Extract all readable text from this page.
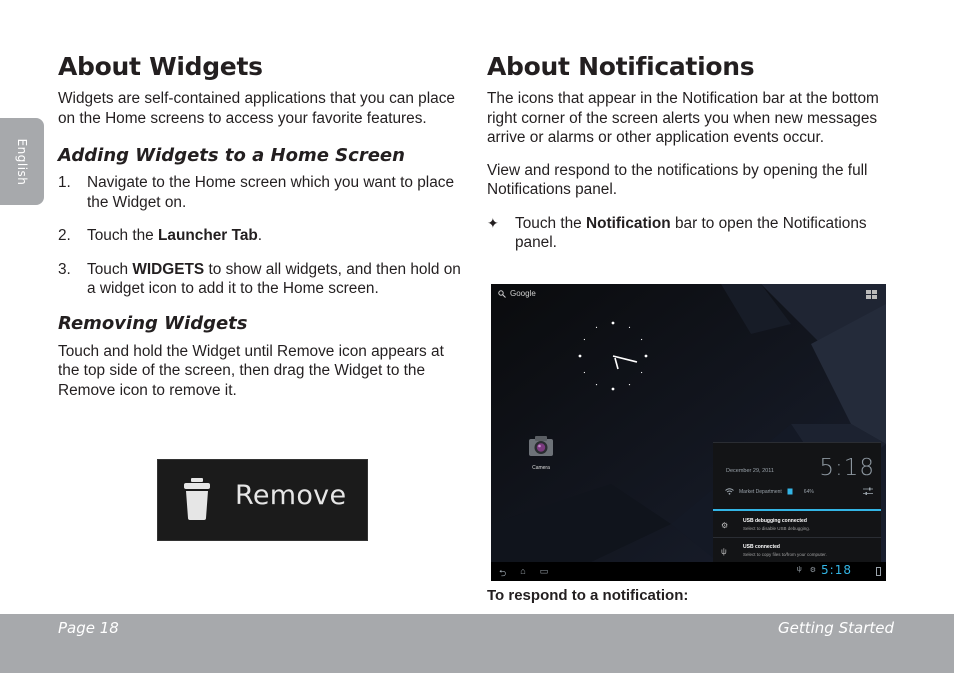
English
About Widgets

Widgets are self-contained applications that you can place on the Home screens to access your favorite features.

Adding Widgets to a Home Screen
1. Navigate to the Home screen which you want to place the Widget on.
2. Touch the Launcher Tab.
3. Touch WIDGETS to show all widgets, and then hold on a widget icon to add it to the Home screen.
Removing Widgets

Touch and hold the Widget until Remove icon appears at the top side of the screen, then drag the Widget to the Remove icon to remove it.

Remove
About Notifications

The icons that appear in the Notification bar at the bottom right corner of the screen alerts you when new messages arrive or alarms or other application events occur.

View and respond to the notifications by opening the full Notifications panel.

✦ Touch the Notification bar to open the Notifications panel.

Google
Camera	December 29, 2011 5:18
Market Department	64%
⚙	USB debugging connected
Select to disable USB debugging.
ψ	USB connected
Select to copy files to/from your computer.
⮌ ⌂ ▭	ψ ⚙ 5:18

To respond to a notification:

Page 18	Getting Started
